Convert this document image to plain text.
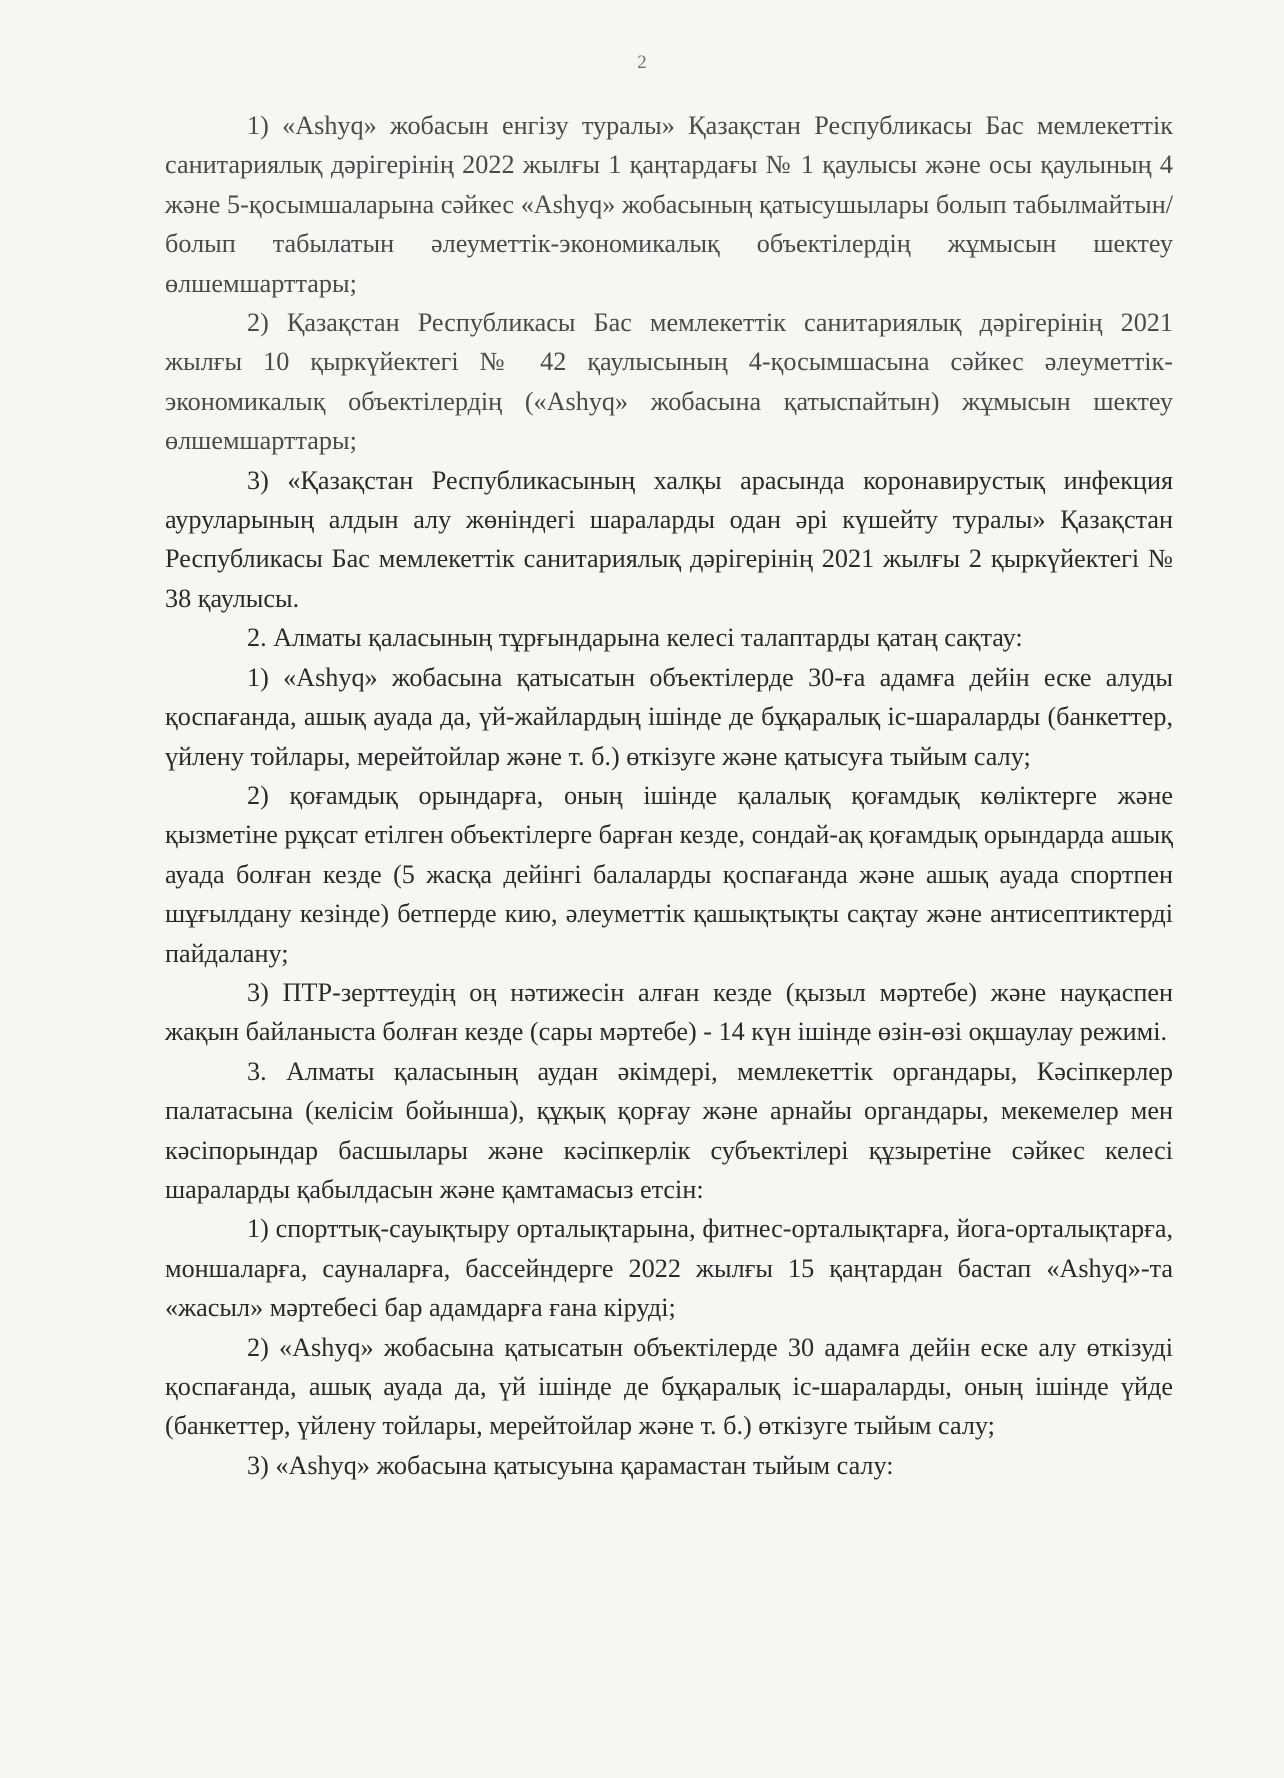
2

1) «Ashyq» жобасын енгізу туралы» Қазақстан Республикасы Бас мемлекеттік санитариялық дәрігерінің 2022 жылғы 1 қаңтардағы № 1 қаулысы және осы қаулының 4 және 5-қосымшаларына сәйкес «Ashyq» жобасының қатысушылары болып табылмайтын/болып табылатын әлеуметтік-экономикалық объектілердің жұмысын шектеу өлшемшарттары;

2) Қазақстан Республикасы Бас мемлекеттік санитариялық дәрігерінің 2021 жылғы 10 қыркүйектегі № 42 қаулысының 4-қосымшасына сәйкес әлеуметтік-экономикалық объектілердің («Ashyq» жобасына қатыспайтын) жұмысын шектеу өлшемшарттары;

3) «Қазақстан Республикасының халқы арасында коронавирустық инфекция ауруларының алдын алу жөніндегі шараларды одан әрі күшейту туралы» Қазақстан Республикасы Бас мемлекеттік санитариялық дәрігерінің 2021 жылғы 2 қыркүйектегі № 38 қаулысы.

2. Алматы қаласының тұрғындарына келесі талаптарды қатаң сақтау:

1) «Ashyq» жобасына қатысатын объектілерде 30-ға адамға дейін еске алуды қоспағанда, ашық ауада да, үй-жайлардың ішінде де бұқаралық іс-шараларды (банкеттер, үйлену тойлары, мерейтойлар және т. б.) өткізуге және қатысуға тыйым салу;

2) қоғамдық орындарға, оның ішінде қалалық қоғамдық көліктерге және қызметіне рұқсат етілген объектілерге барған кезде, сондай-ақ қоғамдық орындарда ашық ауада болған кезде (5 жасқа дейінгі балаларды қоспағанда және ашық ауада спортпен шұғылдану кезінде) бетперде кию, әлеуметтік қашықтықты сақтау және антисептиктерді пайдалану;

3) ПТР-зерттеудің оң нәтижесін алған кезде (қызыл мәртебе) және науқаспен жақын байланыста болған кезде (сары мәртебе) - 14 күн ішінде өзін-өзі оқшаулау режимі.

3. Алматы қаласының аудан әкімдері, мемлекеттік органдары, Кәсіпкерлер палатасына (келісім бойынша), құқық қорғау және арнайы органдары, мекемелер мен кәсіпорындар басшылары және кәсіпкерлік субъектілері құзыретіне сәйкес келесі шараларды қабылдасын және қамтамасыз етсін:

1) спорттық-сауықтыру орталықтарына, фитнес-орталықтарға, йога-орталықтарға, моншаларға, сауналарға, бассейндерге 2022 жылғы 15 қаңтардан бастап «Ashyq»-та «жасыл» мәртебесі бар адамдарға ғана кіруді;

2) «Ashyq» жобасына қатысатын объектілерде 30 адамға дейін еске алу өткізуді қоспағанда, ашық ауада да, үй ішінде де бұқаралық іс-шараларды, оның ішінде үйде (банкеттер, үйлену тойлары, мерейтойлар және т. б.) өткізуге тыйым салу;

3) «Ashyq» жобасына қатысуына қарамастан тыйым салу:
